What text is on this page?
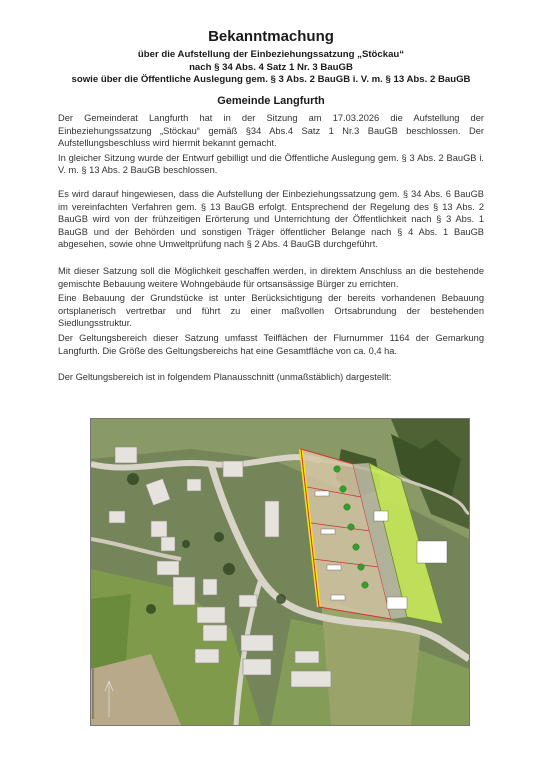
Bekanntmachung
über die Aufstellung der Einbeziehungssatzung „Stöckau“
nach § 34 Abs. 4 Satz 1 Nr. 3 BauGB
sowie über die Öffentliche Auslegung gem. § 3 Abs. 2 BauGB i. V. m. § 13 Abs. 2 BauGB
Gemeinde Langfurth

Der Gemeinderat Langfurth hat in der Sitzung am 17.03.2026 die Aufstellung der Einbeziehungssatzung „Stöckau“ gemäß §34 Abs.4 Satz 1 Nr.3 BauGB beschlossen. Der Aufstellungsbeschluss wird hiermit bekannt gemacht.

In gleicher Sitzung wurde der Entwurf gebilligt und die Öffentliche Auslegung gem. § 3 Abs. 2 BauGB i. V. m. § 13 Abs. 2 BauGB beschlossen.

Es wird darauf hingewiesen, dass die Aufstellung der Einbeziehungssatzung gem. § 34 Abs. 6 BauGB im vereinfachten Verfahren gem. § 13 BauGB erfolgt. Entsprechend der Regelung des § 13 Abs. 2 BauGB wird von der frühzeitigen Erörterung und Unterrichtung der Öffentlichkeit nach § 3 Abs. 1 BauGB und der Behörden und sonstigen Träger öffentlicher Belange nach § 4 Abs. 1 BauGB abgesehen, sowie ohne Umweltprüfung nach § 2 Abs. 4 BauGB durchgeführt.

Mit dieser Satzung soll die Möglichkeit geschaffen werden, in direktem Anschluss an die bestehende gemischte Bebauung weitere Wohngebäude für ortsansässige Bürger zu errichten.

Eine Bebauung der Grundstücke ist unter Berücksichtigung der bereits vorhandenen Bebauung ortsplanerisch vertretbar und führt zu einer maßvollen Ortsabrundung der bestehenden Siedlungsstruktur.

Der Geltungsbereich dieser Satzung umfasst Teilflächen der Flurnummer 1164 der Gemarkung Langfurth. Die Größe des Geltungsbereichs hat eine Gesamtfläche von ca. 0,4 ha.

Der Geltungsbereich ist in folgendem Planausschnitt (unmaßstäblich) dargestellt:
